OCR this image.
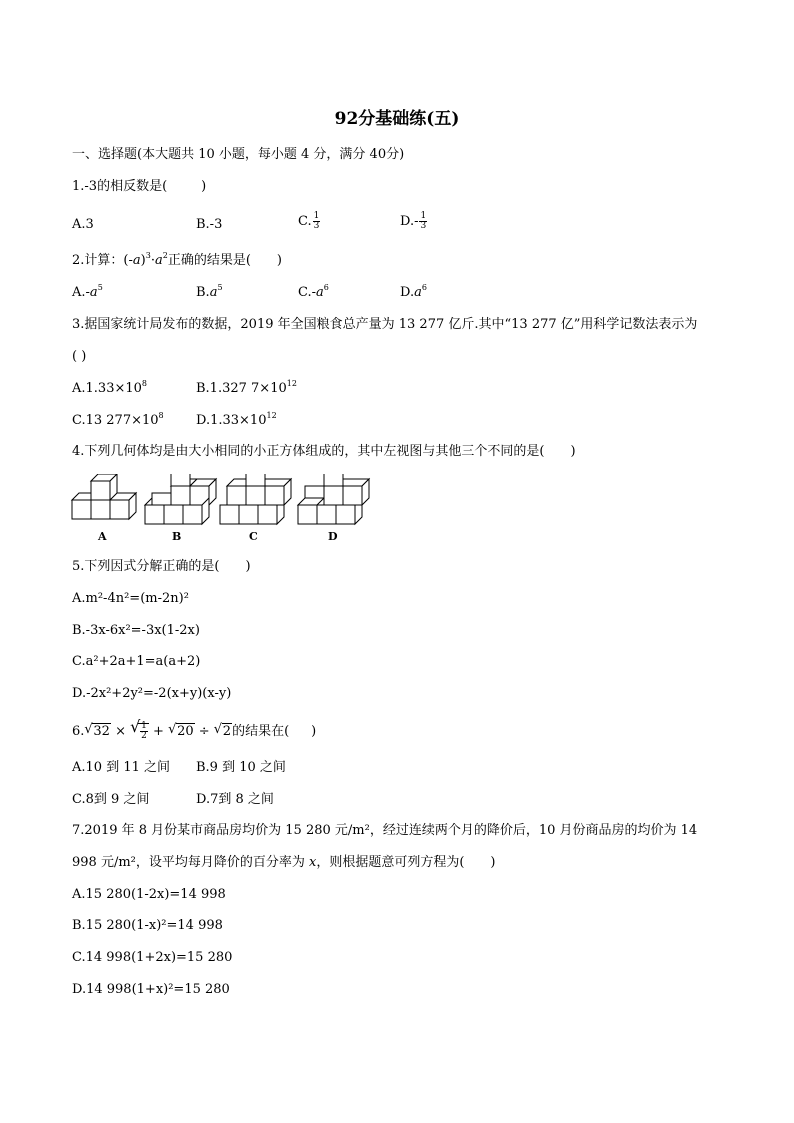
92分基础练(五)
一、选择题(本大题共 10 小题，每小题 4 分，满分 40分)
1.-3的相反数是(	)
A.3	B.-3	C. $\frac{1}{3}$	$D.- \frac{1}{3}$
2.计算：$(-a)^3\cdot a^2$正确的结果是( )
$A.-a^5$	$B.a^5$	$C.-a^6$	$D.a^6$
3.据国家统计局发布的数据，2019 年全国粮食总产量为 13 277 亿斤.其中“13 277 亿”用科学记数法表示为
( )
$A.1.33\times 10^8$	B.1.327 $7\times 10^{12}$
C.13 $277\times 10^8$ $D.1.33\times 10^{12}$
4.下列几何体均是由大小相同的小正方体组成的，其中左视图与其他三个不同的是( )
A	B	C	D
5.下列因式分解正确的是( )
A.m²-4n²=(m-2n)²
B.-3x-6x²=-3x(1-2x)
C.a²+2a+1=a(a+2)
D.-2x²+2y²=-2(x+y)(x-y)
6. √ 32 × √ $\frac{1}{2}$ + √ 20 ÷ √ 2的结果在( )
A.10 到 11 之间 B.9 到 10 之间
C.8到 9 之间	D.7到 8 之间
7.2019 年 8 月份某市商品房均价为 15 280 元/m²，经过连续两个月的降价后，10 月份商品房的均价为 14
998 元/m²，设平均每月降价的百分率为 x，则根据题意可列方程为( )
A.15 280(1-2x)=14 998
B.15 280(1-x)²=14 998
C.14 998(1+2x)=15 280
D.14 998(1+x)²=15 280
